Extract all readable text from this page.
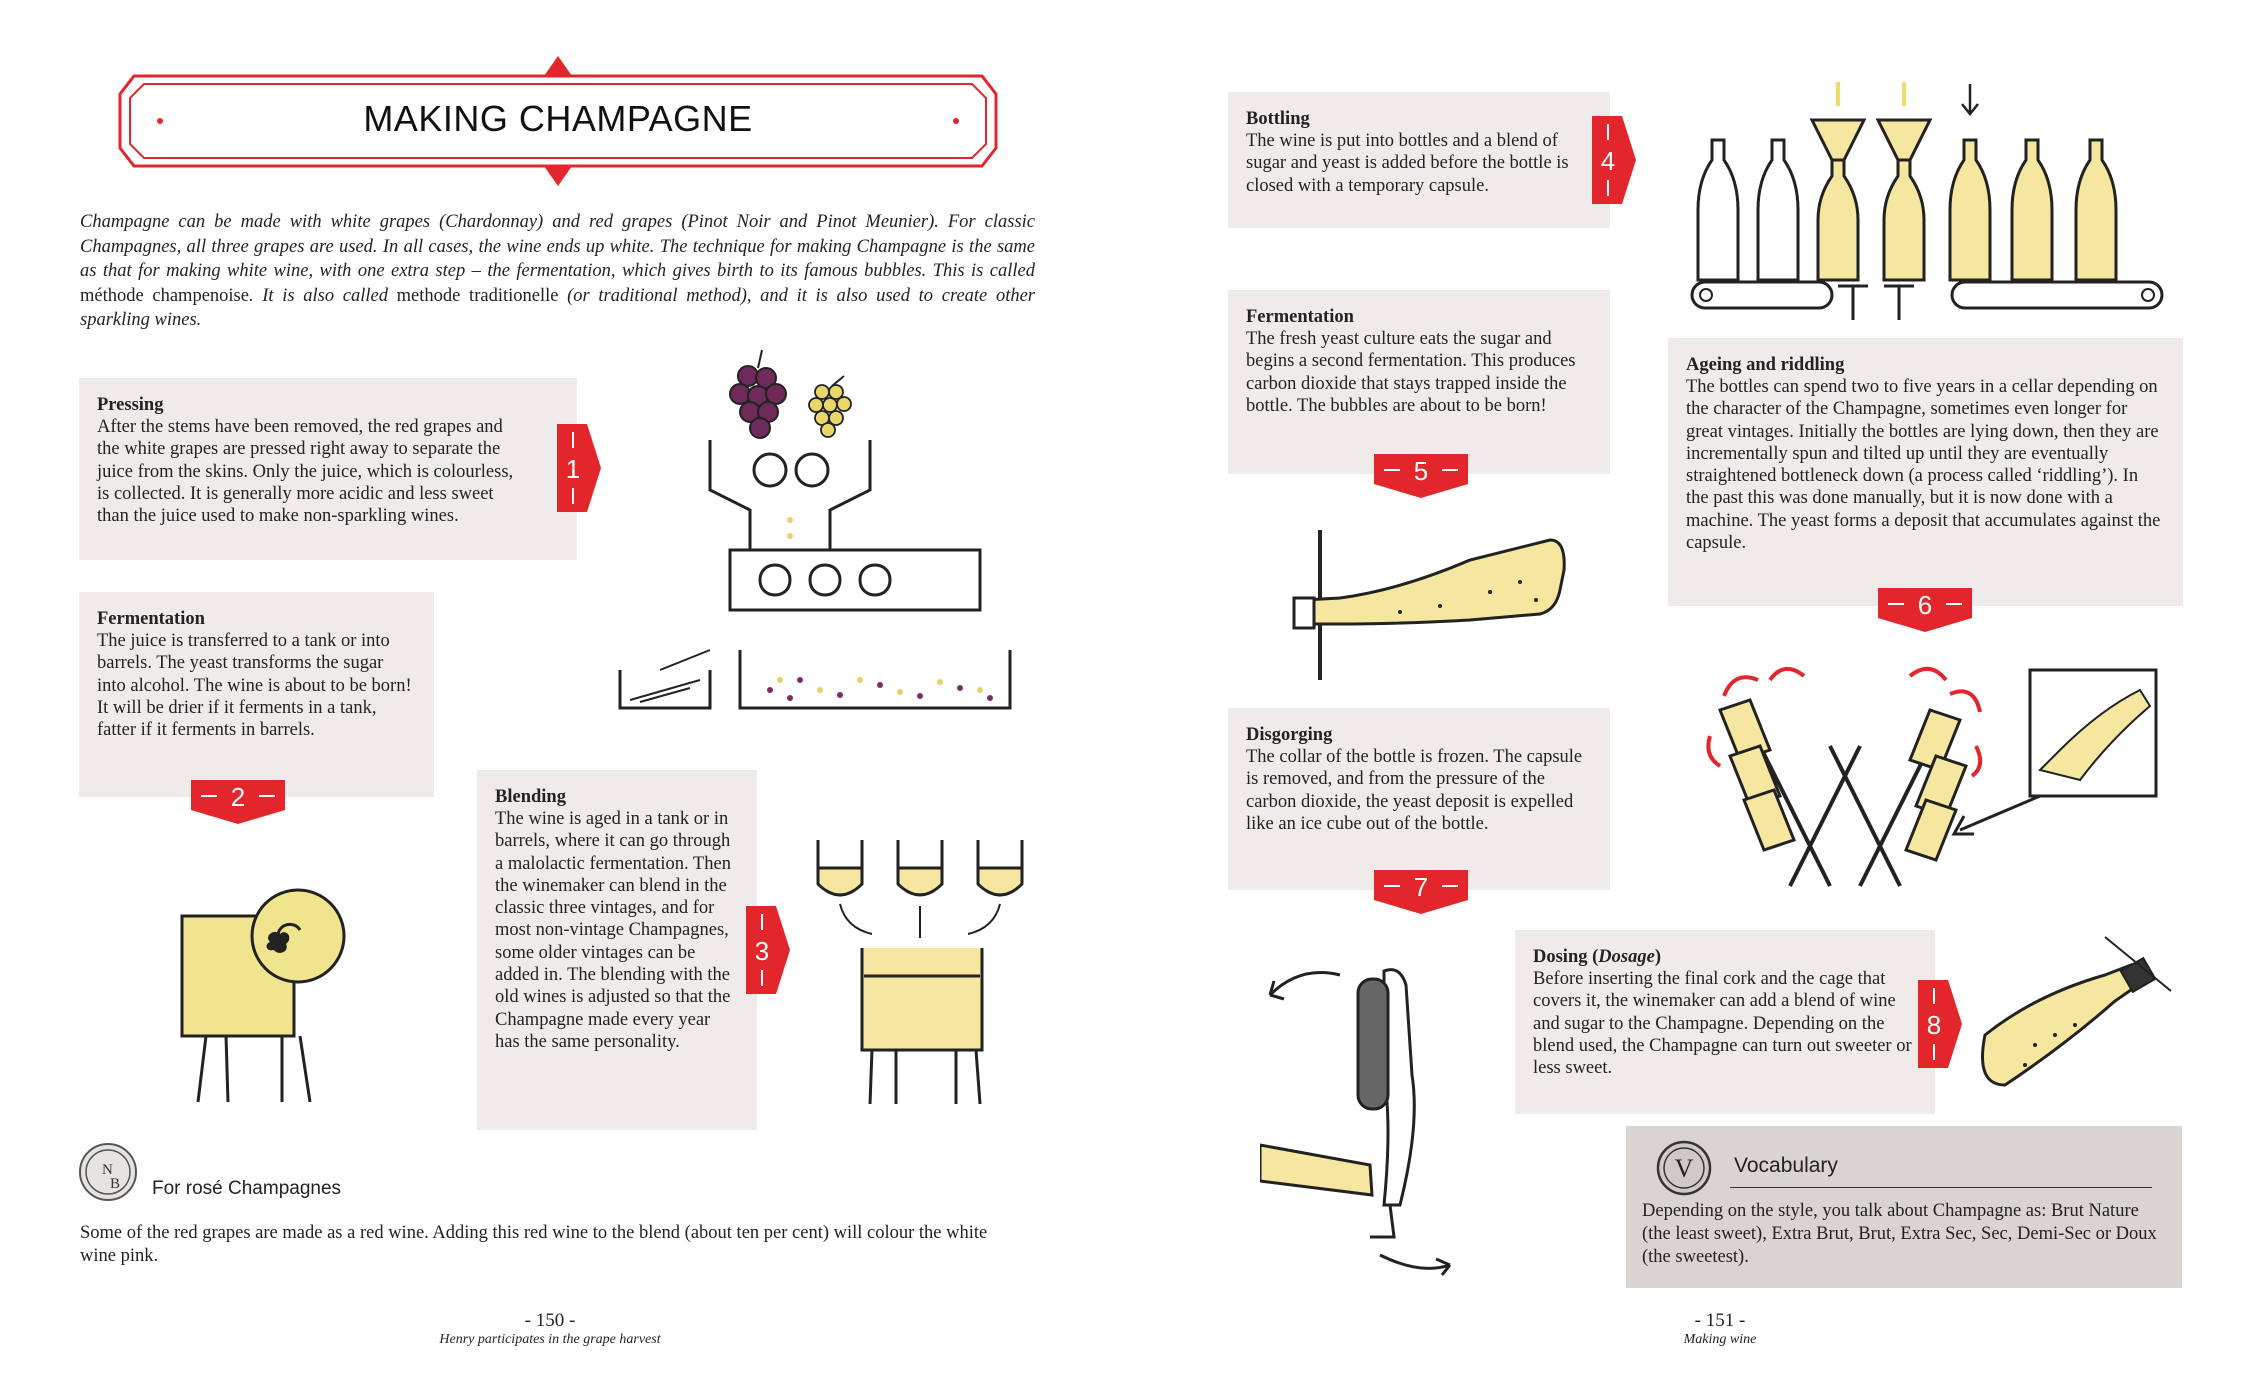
MAKING CHAMPAGNE
Champagne can be made with white grapes (Chardonnay) and red grapes (Pinot Noir and Pinot Meunier). For classic Champagnes, all three grapes are used. In all cases, the wine ends up white. The technique for making Champagne is the same as that for making white wine, with one extra step – the fermentation, which gives birth to its famous bubbles. This is called méthode champenoise. It is also called methode traditionelle (or traditional method), and it is also used to create other sparkling wines.
Pressing

After the stems have been removed, the red grapes and the white grapes are pressed right away to separate the juice from the skins. Only the juice, which is colourless, is collected. It is generally more acidic and less sweet than the juice used to make non-sparkling wines.

1
Fermentation

The juice is transferred to a tank or into barrels. The yeast transforms the sugar into alcohol. The wine is about to be born! It will be drier if it ferments in a tank, fatter if it ferments in barrels.

2	Blending

The wine is aged in a tank or in barrels, where it can go through a malolactic fermentation. Then the winemaker can blend in the classic three vintages, and for most non-vintage Champagnes, some older vintages can be added in. The blending with the old wines is adjusted so that the Champagne made every year has the same personality.

3
Bottling

The wine is put into bottles and a blend of sugar and yeast is added before the bottle is closed with a temporary capsule.

4
Fermentation

The fresh yeast culture eats the sugar and begins a second fermentation. This produces carbon dioxide that stays trapped inside the bottle. The bubbles are about to be born!

5
Ageing and riddling

The bottles can spend two to five years in a cellar depending on the character of the Champagne, sometimes even longer for great vintages. Initially the bottles are lying down, then they are incrementally spun and tilted up until they are eventually straightened bottleneck down (a process called ‘riddling’). In the past this was done manually, but it is now done with a machine. The yeast forms a deposit that accumulates against the capsule.

6
Disgorging

The collar of the bottle is frozen. The capsule is removed, and from the pressure of the carbon dioxide, the yeast deposit is expelled like an ice cube out of the bottle.

7
Dosing (Dosage)

Before inserting the final cork and the cage that covers it, the winemaker can add a blend of wine and sugar to the Champagne. Depending on the blend used, the Champagne can turn out sweeter or less sweet.

8
N
B For rosé Champagnes
Some of the red grapes are made as a red wine. Adding this red wine to the blend (about ten per cent) will colour the white wine pink.
V Vocabulary
Depending on the style, you talk about Champagne as: Brut Nature (the least sweet), Extra Brut, Brut, Extra Sec, Sec, Demi-Sec or Doux (the sweetest).
- 150 -
Henry participates in the grape harvest
- 151 -
Making wine
